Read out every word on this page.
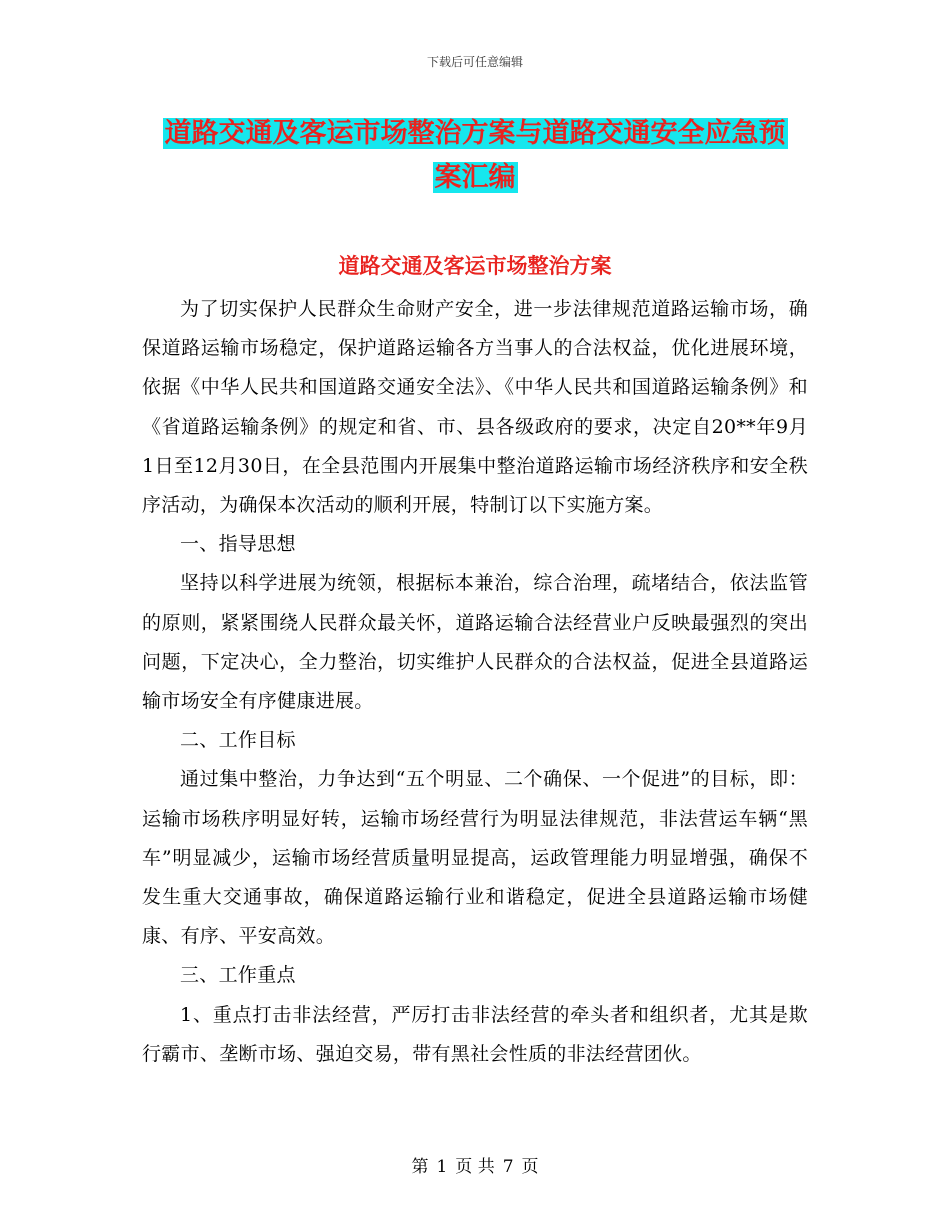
下载后可任意编辑
道路交通及客运市场整治方案与道路交通安全应急预
案汇编
道路交通及客运市场整治方案

为了切实保护人民群众生命财产安全，进一步法律规范道路运输市场，确保道路运输市场稳定，保护道路运输各方当事人的合法权益，优化进展环境，依据《中华人民共和国道路交通安全法》、《中华人民共和国道路运输条例》和《省道路运输条例》的规定和省、市、县各级政府的要求，决定自20**年9月1日至12月30日，在全县范围内开展集中整治道路运输市场经济秩序和安全秩序活动，为确保本次活动的顺利开展，特制订以下实施方案。

一、指导思想

坚持以科学进展为统领，根据标本兼治，综合治理，疏堵结合，依法监管的原则，紧紧围绕人民群众最关怀，道路运输合法经营业户反映最强烈的突出问题，下定决心，全力整治，切实维护人民群众的合法权益，促进全县道路运输市场安全有序健康进展。

二、工作目标

通过集中整治，力争达到“五个明显、二个确保、一个促进”的目标，即：运输市场秩序明显好转，运输市场经营行为明显法律规范，非法营运车辆“黑车”明显减少，运输市场经营质量明显提高，运政管理能力明显增强，确保不发生重大交通事故，确保道路运输行业和谐稳定，促进全县道路运输市场健康、有序、平安高效。

三、工作重点

1、重点打击非法经营，严厉打击非法经营的牵头者和组织者，尤其是欺行霸市、垄断市场、强迫交易，带有黑社会性质的非法经营团伙。

第 1 页 共 7 页
